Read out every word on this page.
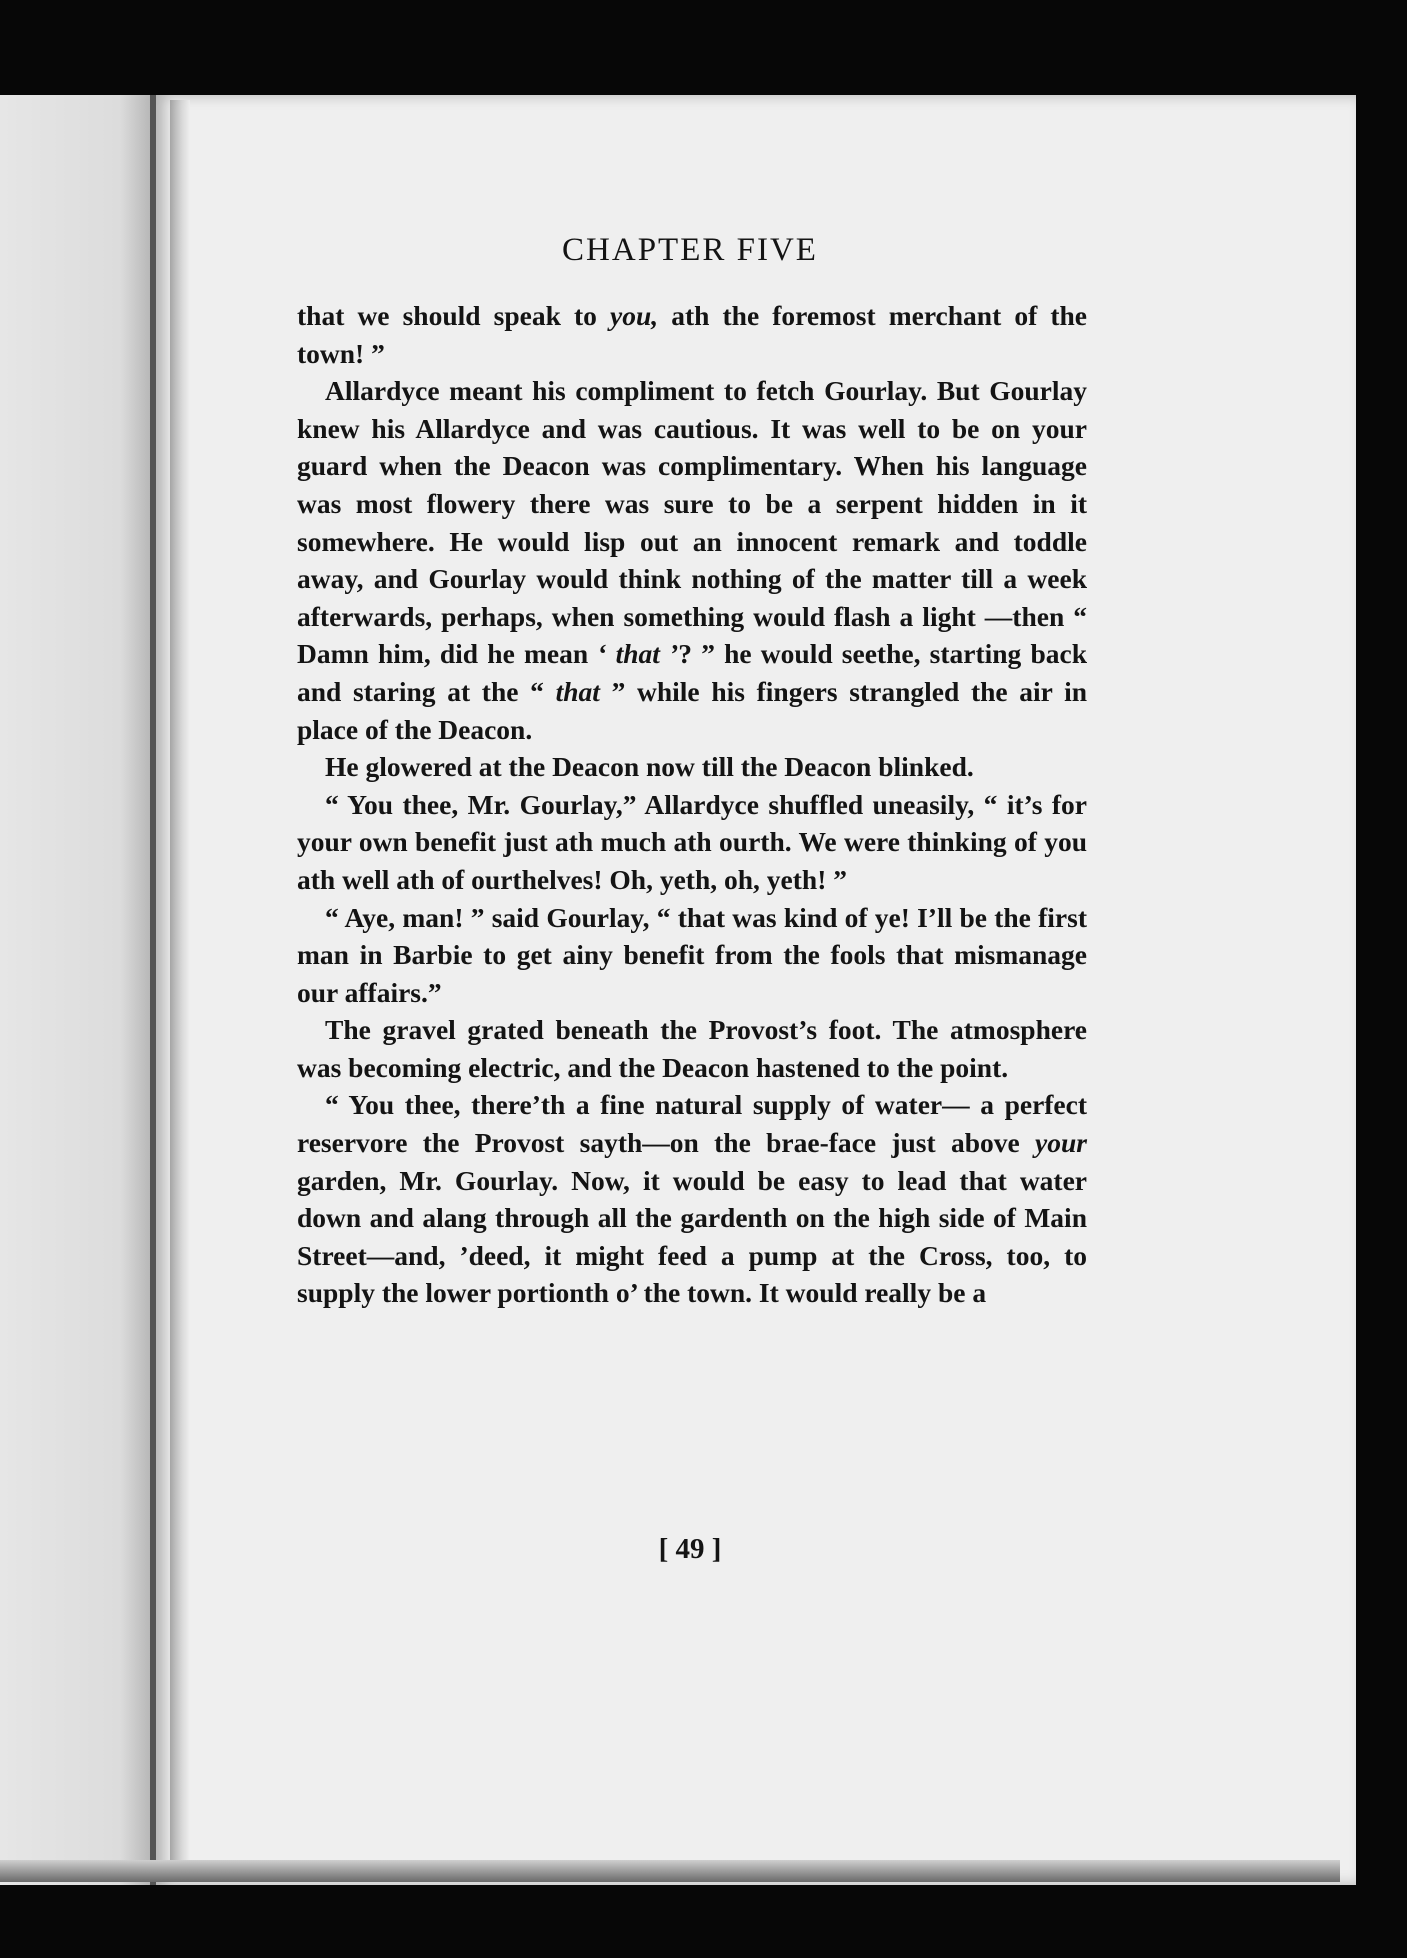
CHAPTER FIVE

that we should speak to you, ath the foremost merchant of the town! ”

Allardyce meant his compliment to fetch Gourlay. But Gourlay knew his Allardyce and was cautious. It was well to be on your guard when the Deacon was complimentary. When his language was most flowery there was sure to be a serpent hidden in it somewhere. He would lisp out an innocent remark and toddle away, and Gourlay would think nothing of the matter till a week afterwards, perhaps, when something would flash a light —then “ Damn him, did he mean ‘ that ’? ” he would seethe, starting back and staring at the “ that ” while his fingers strangled the air in place of the Deacon.

He glowered at the Deacon now till the Deacon blinked.

“ You thee, Mr. Gourlay,” Allardyce shuffled uneasily, “ it’s for your own benefit just ath much ath ourth. We were thinking of you ath well ath of ourthelves! Oh, yeth, oh, yeth! ”

“ Aye, man! ” said Gourlay, “ that was kind of ye! I’ll be the first man in Barbie to get ainy benefit from the fools that mismanage our affairs.”

The gravel grated beneath the Provost’s foot. The atmosphere was becoming electric, and the Deacon hastened to the point.

“ You thee, there’th a fine natural supply of water— a perfect reservore the Provost sayth—on the brae-face just above your garden, Mr. Gourlay. Now, it would be easy to lead that water down and alang through all the gardenth on the high side of Main Street—and, ’deed, it might feed a pump at the Cross, too, to supply the lower portionth o’ the town. It would really be a

[ 49 ]
